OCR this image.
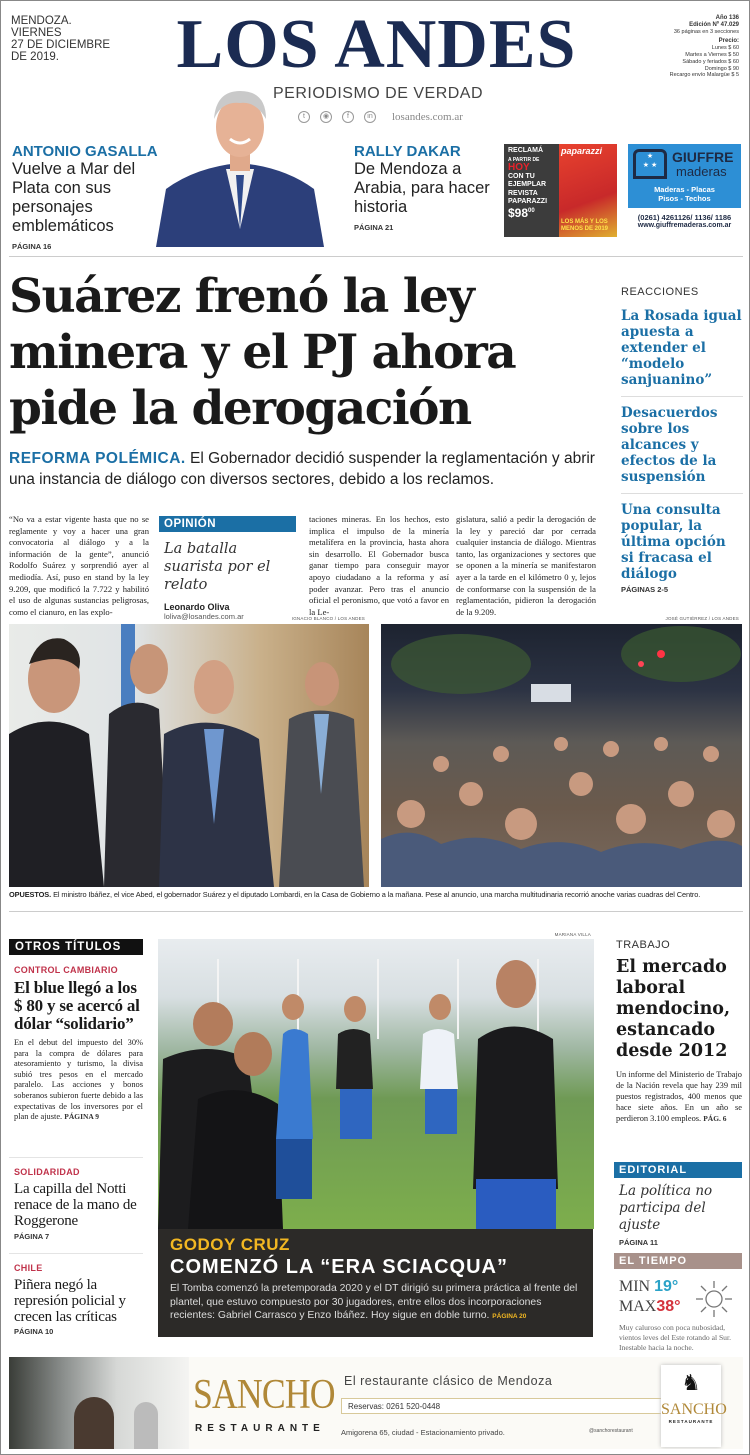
MENDOZA.
VIERNES
27 DE DICIEMBRE
DE 2019.	LOS ANDES
PERIODISMO DE VERDAD
t	◉	f	in losandes.com.ar
Año 136
Edición Nº 47.029
36 páginas en 3 secciones
Precio:
Lunes $ 60
Martes a Viernes $ 50
Sábado y feriados $ 60
Domingo $ 90
Recargo envío Malargüe $ 5
ANTONIO GASALLA
Vuelve a Mar del Plata con sus personajes emblemáticos
PÁGINA 16
RALLY DAKAR
De Mendoza a Arabia, para hacer historia
PÁGINA 21
RECLAMÁ
A PARTIR DE
HOY
CON TU
EJEMPLAR
REVISTA
PAPARAZZI
$\$98^{00}$
paparazzi
LOS MÁS Y LOS MENOS DE 2019
★
★ ★
GIUFFRE
maderas
Maderas - Placas
Pisos - Techos
(0261) 4261126/ 1136/ 1186
www.giuffremaderas.com.ar
Suárez frenó la ley minera y el PJ ahora pide la derogación
REFORMA POLÉMICA. El Gobernador decidió suspender la reglamentación y abrir una instancia de diálogo con diversos sectores, debido a los reclamos.
REACCIONES
La Rosada igual apuesta a extender el “modelo sanjuanino”
Desacuerdos sobre los alcances y efectos de la suspensión
Una consulta popular, la última opción si fracasa el diálogo
PÁGINAS 2-5
“No va a estar vigente hasta que no se reglamente y voy a hacer una gran convocatoria al diálogo y a la información de la gente”, anunció Rodolfo Suárez y sorprendió ayer al mediodía. Así, puso en stand by la ley 9.209, que modificó la 7.722 y habilitó el uso de algunas sustancias peligrosas, como el cianuro, en las explo-
OPINIÓN
La batalla suarista por el relato
Leonardo Oliva
loliva@losandes.com.ar
taciones mineras. En los hechos, esto implica el impulso de la minería metalífera en la provincia, hasta ahora sin desarrollo. El Gobernador busca ganar tiempo para conseguir mayor apoyo ciudadano a la reforma y así poder avanzar. Pero tras el anuncio oficial el peronismo, que votó a favor en la Le-
gislatura, salió a pedir la derogación de la ley y pareció dar por cerrada cualquier instancia de diálogo. Mientras tanto, las organizaciones y sectores que se oponen a la minería se manifestaron ayer a la tarde en el kilómetro 0 y, lejos de conformarse con la suspensión de la reglamentación, pidieron la derogación de la 9.209.
IGNACIO BLANCO / LOS ANDES	JOSÉ GUTIÉRREZ / LOS ANDES
OPUESTOS. El ministro Ibáñez, el vice Abed, el gobernador Suárez y el diputado Lombardi, en la Casa de Gobierno a la mañana. Pese al anuncio, una marcha multitudinaria recorrió anoche varias cuadras del Centro.
OTROS TÍTULOS
CONTROL CAMBIARIO
El blue llegó a los $ 80 y se acercó al dólar “solidario”
En el debut del impuesto del 30% para la compra de dólares para atesoramiento y turismo, la divisa subió tres pesos en el mercado paralelo. Las acciones y bonos soberanos subieron fuerte debido a las expectativas de los inversores por el plan de ajuste. PÁGINA 9
SOLIDARIDAD
La capilla del Notti renace de la mano de Roggerone
PÁGINA 7
CHILE
Piñera negó la represión policial y crecen las críticas
PÁGINA 10
MARIANA VILLA
GODOY CRUZ
COMENZÓ LA “ERA SCIACQUA”
El Tomba comenzó la pretemporada 2020 y el DT dirigió su primera práctica al frente del plantel, que estuvo compuesto por 30 jugadores, entre ellos dos incorporaciones recientes: Gabriel Carrasco y Enzo Ibáñez. Hoy sigue en doble turno. PÁGINA 20
TRABAJO
El mercado laboral mendocino, estancado desde 2012
Un informe del Ministerio de Trabajo de la Nación revela que hay 239 mil puestos registrados, 400 menos que hace siete años. En un año se perdieron 3.100 empleos. PÁG. 6
EDITORIAL
La política no participa del ajuste
PÁGINA 11
EL TIEMPO
MIN 19°
MAX38°
Muy caluroso con poca nubosidad, vientos leves del Este rotando al Sur. Inestable hacia la noche.
SANCHO
RESTAURANTE
El restaurante clásico de Mendoza
Reservas: 0261 520-0448
Amigorena 65, ciudad - Estacionamiento privado.	@sanchorestaurant
♞
SANCHO
RESTAURANTE
